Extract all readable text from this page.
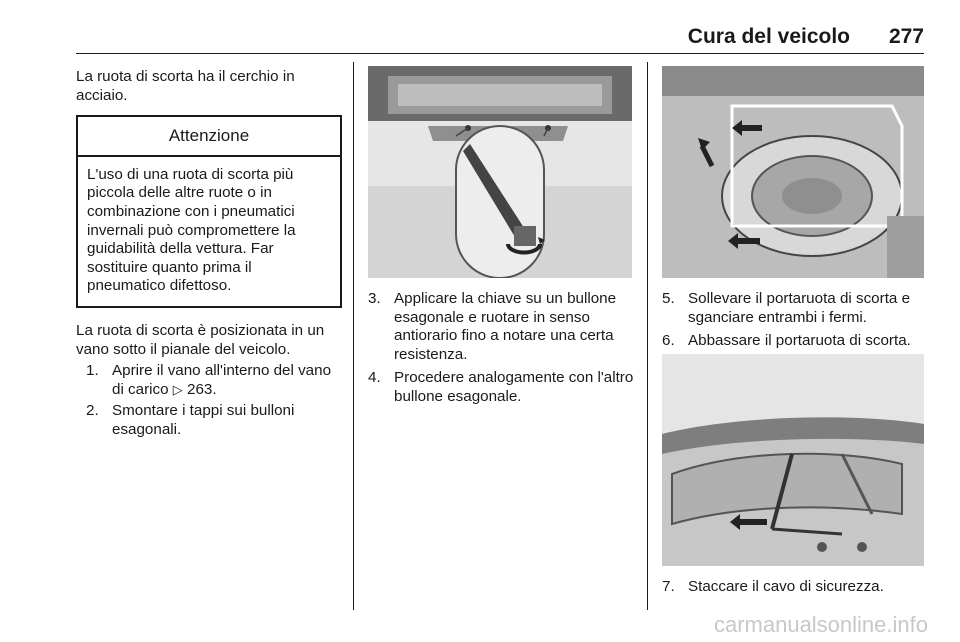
Cura del veicolo	277

La ruota di scorta ha il cerchio in acciaio.

Attenzione
L'uso di una ruota di scorta più piccola delle altre ruote o in combinazione con i pneumatici invernali può compromettere la guidabilità della vettura. Far sostituire quanto prima il pneumatico difettoso.

La ruota di scorta è posizionata in un vano sotto il pianale del veicolo.

1. Aprire il vano all'interno del vano di carico ▷ 263.
2. Smontare i tappi sui bulloni esagonali.
3. Applicare la chiave su un bullone esagonale e ruotare in senso antiorario fino a notare una certa resistenza.
4. Procedere analogamente con l'altro bullone esagonale.
5. Sollevare il portaruota di scorta e sganciare entrambi i fermi.
6. Abbassare il portaruota di scorta.
7. Staccare il cavo di sicurezza.
carmanualsonline.info
